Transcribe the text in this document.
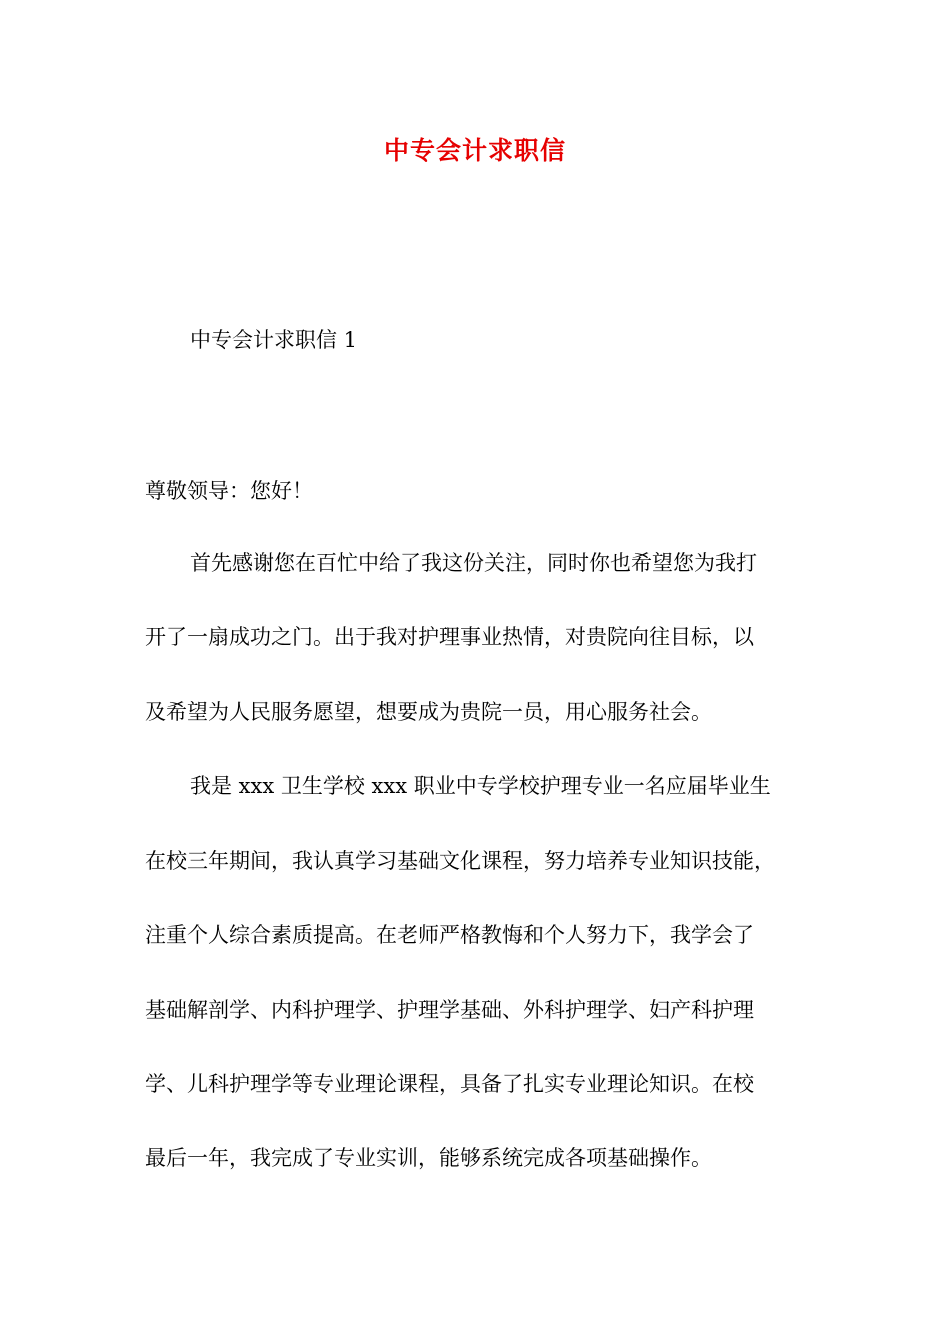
中专会计求职信
中专会计求职信 1
尊敬领导：您好！
首先感谢您在百忙中给了我这份关注，同时你也希望您为我打
开了一扇成功之门。出于我对护理事业热情，对贵院向往目标，以
及希望为人民服务愿望，想要成为贵院一员，用心服务社会。
我是 xxx 卫生学校 xxx 职业中专学校护理专业一名应届毕业生
在校三年期间，我认真学习基础文化课程，努力培养专业知识技能，
注重个人综合素质提高。在老师严格教悔和个人努力下，我学会了
基础解剖学、内科护理学、护理学基础、外科护理学、妇产科护理
学、儿科护理学等专业理论课程，具备了扎实专业理论知识。在校
最后一年，我完成了专业实训，能够系统完成各项基础操作。
